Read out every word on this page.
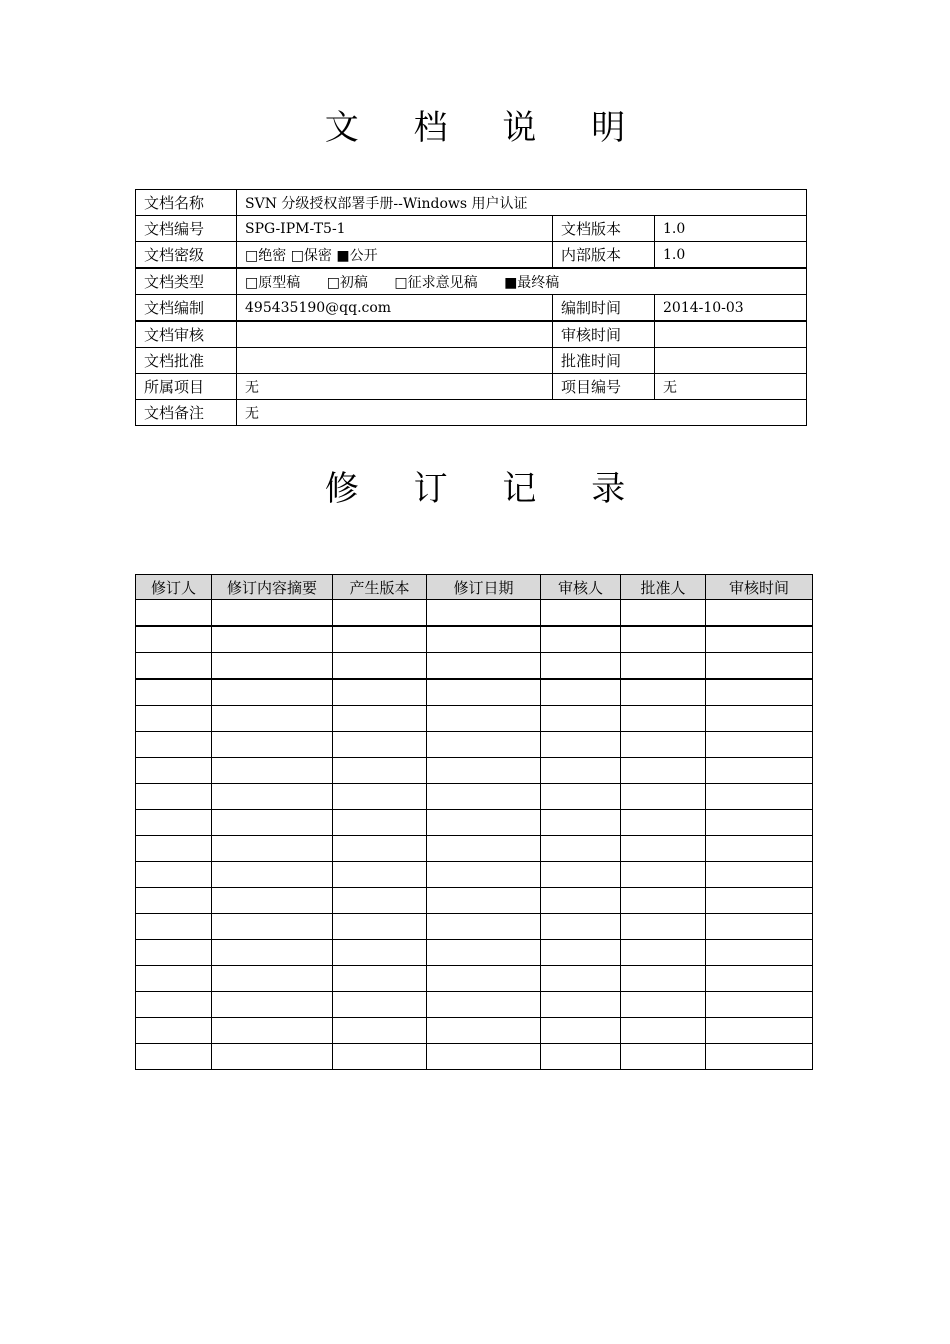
文 档 说 明
文档名称	SVN 分级授权部署手册--Windows 用户认证		
文档编号	SPG-IPM-T5-1	文档版本	1.0
文档密级	□绝密 □保密 ■公开	内部版本	1.0
文档类型	□原型稿 □初稿 □征求意见稿 ■最终稿		
文档编制	495435190@qq.com	编制时间	2014-10-03
文档审核		审核时间	
文档批准		批准时间	
所属项目	无	项目编号	无
文档备注	无		
修 订 记 录
修订人	修订内容摘要	产生版本	修订日期	审核人	批准人	审核时间
